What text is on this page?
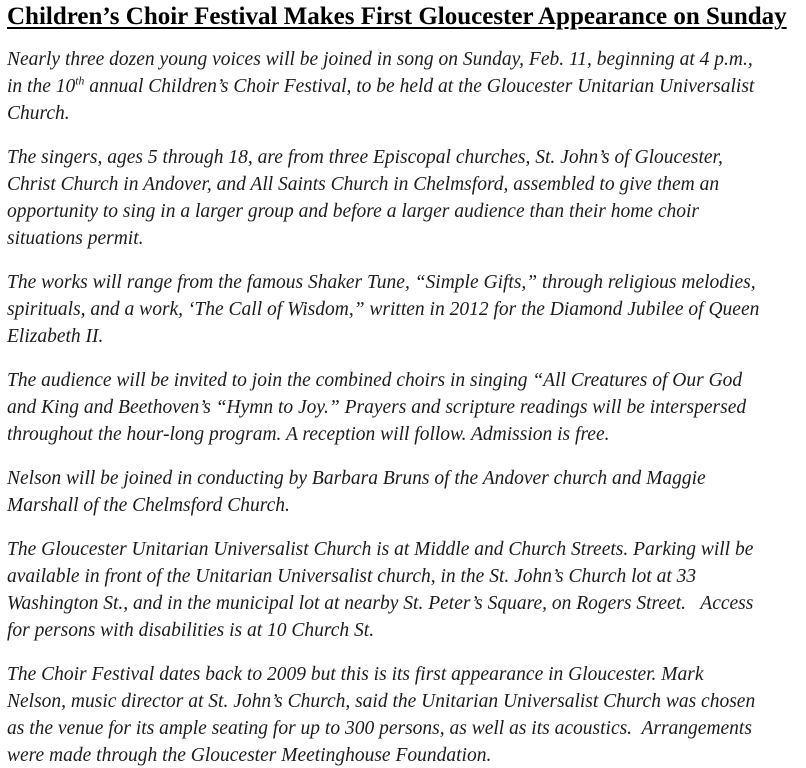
Children’s Choir Festival Makes First Gloucester Appearance on Sunday

Nearly three dozen young voices will be joined in song on Sunday, Feb. 11, beginning at 4 p.m.,
in the 10th annual Children’s Choir Festival, to be held at the Gloucester Unitarian Universalist
Church.

The singers, ages 5 through 18, are from three Episcopal churches, St. John’s of Gloucester,
Christ Church in Andover, and All Saints Church in Chelmsford, assembled to give them an
opportunity to sing in a larger group and before a larger audience than their home choir
situations permit.

The works will range from the famous Shaker Tune, “Simple Gifts,” through religious melodies,
spirituals, and a work, ‘The Call of Wisdom,” written in 2012 for the Diamond Jubilee of Queen
Elizabeth II.

The audience will be invited to join the combined choirs in singing “All Creatures of Our God
and King and Beethoven’s “Hymn to Joy.” Prayers and scripture readings will be interspersed
throughout the hour-long program. A reception will follow. Admission is free.

Nelson will be joined in conducting by Barbara Bruns of the Andover church and Maggie
Marshall of the Chelmsford Church.

The Gloucester Unitarian Universalist Church is at Middle and Church Streets. Parking will be
available in front of the Unitarian Universalist church, in the St. John’s Church lot at 33
Washington St., and in the municipal lot at nearby St. Peter’s Square, on Rogers Street.   Access
for persons with disabilities is at 10 Church St.

The Choir Festival dates back to 2009 but this is its first appearance in Gloucester. Mark
Nelson, music director at St. John’s Church, said the Unitarian Universalist Church was chosen
as the venue for its ample seating for up to 300 persons, as well as its acoustics.  Arrangements
were made through the Gloucester Meetinghouse Foundation.
